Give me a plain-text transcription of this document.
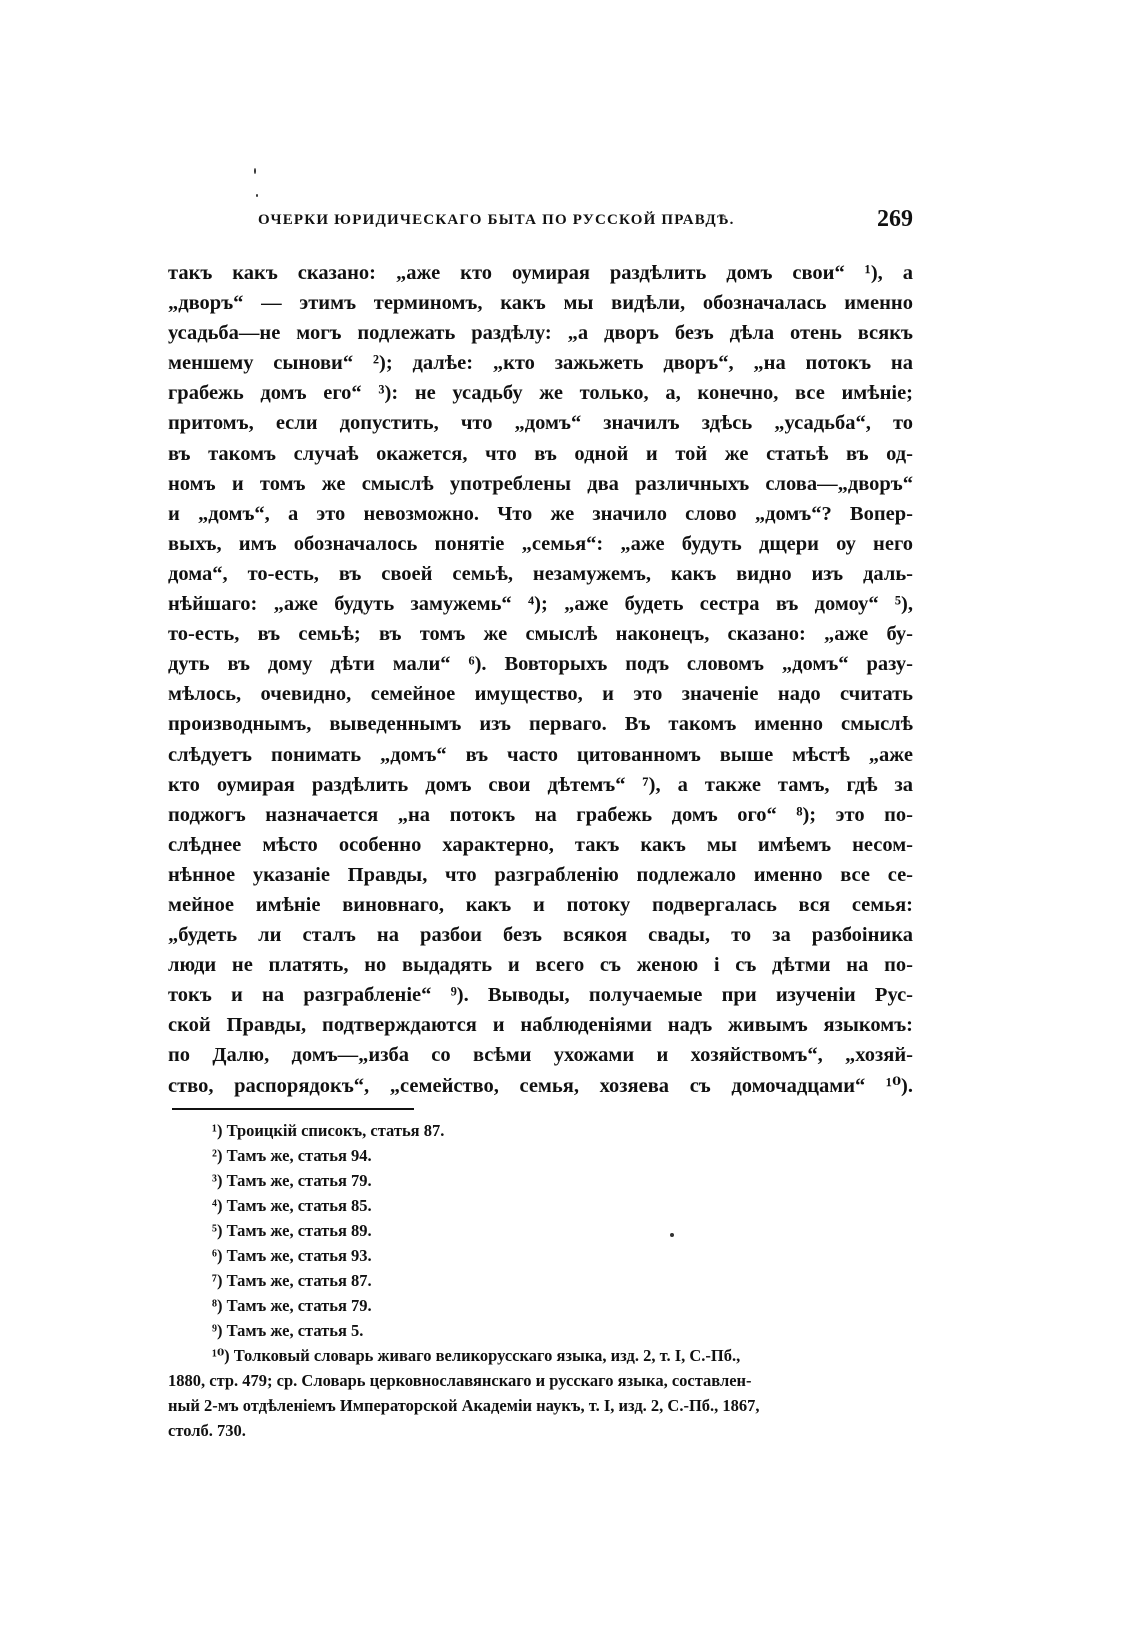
ОЧЕРКИ ЮРИДИЧЕСКАГО БЫТА ПО РУССКОЙ ПРАВДѢ.	269
такъ какъ сказано: „аже кто оумирая раздѣлить домъ свои“ ¹), а
„дворъ“ — этимъ терминомъ, какъ мы видѣли, обозначалась именно
усадьба—не могъ подлежать раздѣлу: „а дворъ безъ дѣла отень всякъ
меншему сынови“ ²); далѣе: „кто зажьжеть дворъ“, „на потокъ на
грабежь домъ его“ ³): не усадьбу же только, а, конечно, все имѣніе;
притомъ, если допустить, что „домъ“ значилъ здѣсь „усадьба“, то
въ такомъ случаѣ окажется, что въ одной и той же статьѣ въ од-
номъ и томъ же смыслѣ употреблены два различныхъ слова—„дворъ“
и „домъ“, а это невозможно. Что же значило слово „домъ“? Вопер-
выхъ, имъ обозначалось понятіе „семья“: „аже будуть дщери оу него
дома“, то-есть, въ своей семьѣ, незамужемъ, какъ видно изъ даль-
нѣйшаго: „аже будуть замужемь“ ⁴); „аже будеть сестра въ домоу“ ⁵),
то-есть, въ семьѣ; въ томъ же смыслѣ наконецъ, сказано: „аже бу-
дуть въ дому дѣти мали“ ⁶). Вовторыхъ подъ словомъ „домъ“ разу-
мѣлось, очевидно, семейное имущество, и это значеніе надо считать
производнымъ, выведеннымъ изъ перваго. Въ такомъ именно смыслѣ
слѣдуетъ понимать „домъ“ въ часто цитованномъ выше мѣстѣ „аже
кто оумирая раздѣлить домъ свои дѣтемъ“ ⁷), а также тамъ, гдѣ за
поджогъ назначается „на потокъ на грабежь домъ ого“ ⁸); это по-
слѣднее мѣсто особенно характерно, такъ какъ мы имѣемъ несом-
нѣнное указаніе Правды, что разграбленію подлежало именно все се-
мейное имѣніе виновнаго, какъ и потоку подвергалась вся семья:
„будеть ли сталъ на разбои безъ всякоя свады, то за разбоіника
люди не платять, но выдадять и всего съ женою і съ дѣтми на по-
токъ и на разграбленіе“ ⁹). Выводы, получаемые при изученіи Рус-
ской Правды, подтверждаются и наблюденіями надъ живымъ языкомъ:
по Далю, домъ—„изба со всѣми ухожами и хозяйствомъ“, „хозяй-
ство, распорядокъ“, „семейство, семья, хозяева съ домочадцами“ ¹⁰).
¹) Троицкій списокъ, статья 87.
²) Тамъ же, статья 94.
³) Тамъ же, статья 79.
⁴) Тамъ же, статья 85.
⁵) Тамъ же, статья 89.
⁶) Тамъ же, статья 93.
⁷) Тамъ же, статья 87.
⁸) Тамъ же, статья 79.
⁹) Тамъ же, статья 5.
¹⁰) Толковый словарь живаго великорусскаго языка, изд. 2, т. I, С.-Пб.,
1880, стр. 479; ср. Словарь церковнославянскаго и русскаго языка, составлен-
ный 2-мъ отдѣленіемъ Императорской Академіи наукъ, т. I, изд. 2, С.-Пб., 1867,
столб. 730.
